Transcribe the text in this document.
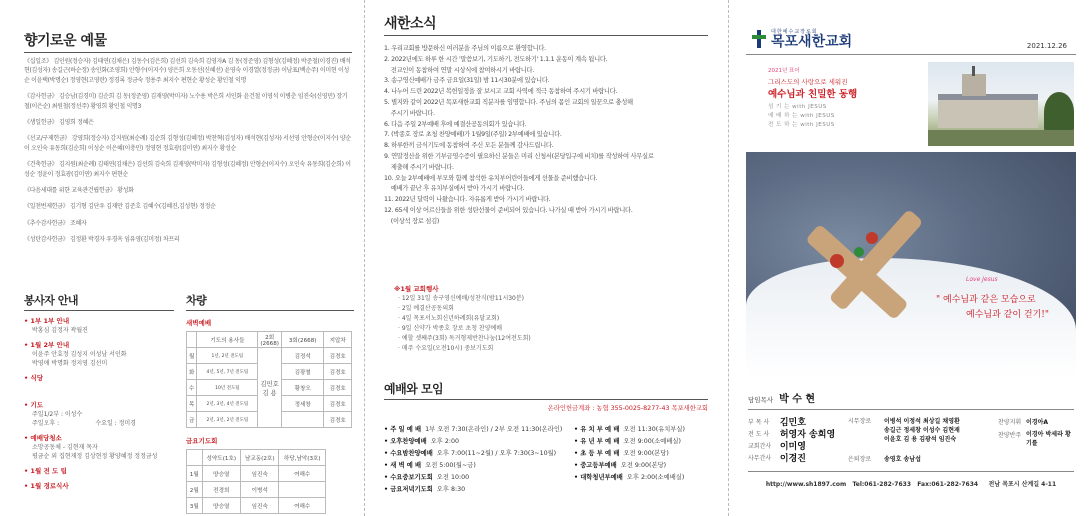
향기로운 예물
《십일조》 김인원(정승자) 김태연(김채은) 김동수(김은희) 김선희 김숙희 김영자A 김 동(정준영) 김형성(김혜정) 박준철(이경진) 배석현(김성자) 송길근(하순정) 송인화(조영희) 안형수(이지수) 양은희 오동선(신혜선) 윤영숙 이경열(정정금) 이남표(백순주) 이미현 이성순 이윤택(박명순) 정영현(고영란) 정경록 정금숙 정용주 최지수 편현순 황성순 황인철 익명
《감사헌금》 김승남(김경미) 김순희 김 동(정준영) 김재영(박미자) 노수용 박은희 서인화 윤건철 이영석 이병춘 임진숙(신영민) 장기철(이은순) 최원철(정선주) 황영희 황인철 익명3
《생일헌금》 김영희 정혜은
《선교/구제헌금》 강영희(정승자) 강지원(최순례) 김순희 김형성(김혜정) 박찬혁(김성자) 배석현(김성자) 서선영 안형순(이지수) 양순이 오인숙 유동희(김순희) 이성순 이은혜(이충민) 정영현 정효광(김미연) 최지수 황성순
《건축헌금》 김지원(최순례) 김태연(김채은) 김선희 김숙희 김재영(박미자) 김형성(김혜정) 안형순(이지수) 오인숙 유동희(김순희) 이성순 정윤이 정효광(김미연) 최지수 편현순
《다음세대를 위한 교육관건립헌금》 황성화
《일천번제헌금》 김기형 김단우 김재만 김준호 김혜수(김혜진,김성현) 정정순
《추수감사헌금》 조혜자
《성탄감사헌금》 김정환 박경자 우경옥 임유영(김미정) 차프리
봉사자 안내
• 1부 1부 안내
박홍심 김정자 곽월진
• 1월 2부 안내
이윤주 안효정 김성지 이성남 서인화
박영애 박명화 정지영 김선미
• 식당
• 기도
주일1/2부 : 이성수
주일오후 :                   수요일 : 정미경
• 예배당청소
소망공동체 - 김현재 목자
평금순 외 집현재정 김상현정 황양혜정 정정금성
• 1월 전 도 팀
• 1월 경로식사
차량
새벽예배
	기도의 용사들	2회(2668)	3회(2668)	지압차
월	1년, 2년 전도팀	김민호 김 용	김정석	김경호
화	4년, 5년, 7년 전도팀		김광철	김경호
수	10년 전도팀		황창오	김경호
목	2년, 3년, 4년 전도팀		정세창	김경호
금	2년, 3년, 2년 전도팀			김경호
금요기도회
	성약도(1호)	남교동(2호)	하당,남악(3호)
1월	양승열	임진숙	여해수
2월	전경희	이병석	
3월	양승열	임진숙	여해수
새한소식
1. 우리교회를 방문하신 여러분을 주님의 이름으로 환영합니다.
2. 2022년에도 하루 한 시간 '말씀보기, 기도하기, 전도하기' 1.1.1 운동이 계속 됩니다.
전교인이 동참하여 연말 시상식에 참여하시기 바랍니다.
3. 송구영신예배가 금주 금요일(31일) 밤 11시30분에 있습니다.
4. 나누어 드린 2022년 복헌일정을 잘 보시고 교회 사역에 적극 동참하여 주시기 바랍니다.
5. 별지와 같이 2022년 목포새한교회 직분자를 임명합니다. 주님의 몸인 교회의 일꾼으로 충성해
주시기 바랍니다.
6. 다음 주일 2부예배 후에 예결산공동의회가 있습니다.
7. (박종호 장로 초청 찬양예배)가 1월9일(주일) 2부예배에 있습니다.
8. 하루한끼 금식기도에 동참하여 주신 모든 분들께 감사드립니다.
9. 연말정산을 위한 기부금영수증이 필요하신 분들은 미리 신청서(본당입구에 비치)를 작성하여 사무실로
제출해 주시기 바랍니다.
10. 오늘 2부예배에 부모와 함께 참석한 유치부어린이들에게 선물을 준비했습니다.
예배가 끝난 후 유치부실에서 받아 가시기 바랍니다.
11. 2022년 달력이 나왔습니다. 자유롭게 받아 가시기 바랍니다.
12. 65세 이상 어르신들을 위한 성탄선물이 준비되어 있습니다. 나가실 때 받아 가시기 바랍니다.
(이상석 장로 섬김)
※1월 교회행사
· 12일 31일 송구영신예배/성찬식(밤11시30분)
· 2일 예결산공동의회
· 4일 목포서노회신년하례회(유달교회)
· 9일 신약가 박종호 장로 초청 찬양예배
· 예할 셋째주(3회) 독거형제반찬나눔(12여전도회)
· 매주 수요일(오전10시) 중보기도회
예배와 모임
온라인헌금계좌 : 농협 355-0025-8277-43 목포새한교회
• 주 일 예 배 1부 오전 7:30(온라인) / 2부 오전 11:30(온라인)
• 오후찬양예배 오후 2:00
• 수요밤찬양예배 오후 7:00(11~2월) / 오후 7:30(3~10월)
• 새 벽 예 배 오전 5:00(월~금)
• 수요중보기도회 오전 10:00
• 금요저녁기도회 오후 8:30
• 유 치 부 예 배 오전 11:30(유치부실)
• 유 년 부 예 배 오전 9:00(소예배실)
• 초 등 부 예 배 오전 9:00(본당)
• 중고등부예배 오전 9:00(본당)
• 대학청년부예배 오후 2:00(소예배실)
대한예수교장로회
목포새한교회	2021.12.26
2021년 표어
그리스도의 사랑으로 세워진
예수님과 친밀한 동행
섬 기 는 with JESUS
예 배 하 는 with JESUS
전 도 하 는 with JESUS
Love Jesus
" 예수님과 같은 모습으로
예수님과 같이 걷기!"
담임목사 박 수 현
부 목 사	김민호
전 도 사	허영자 송희영
교회간사	이미영
사무간사	이경진
시무장로	이병석 이정석 최상길 채영환
송길근 정세창 이성수 김현재
이윤호 김 용 김광석 임진숙
은퇴장로	송영호 송남섭
찬양지휘 이경아A
찬양반주 이경아 박세라 황기를
http://www.sh1897.com   Tel:061-282-7633   Fax:061-282-7634     전남 목포시 산계길 4-11
